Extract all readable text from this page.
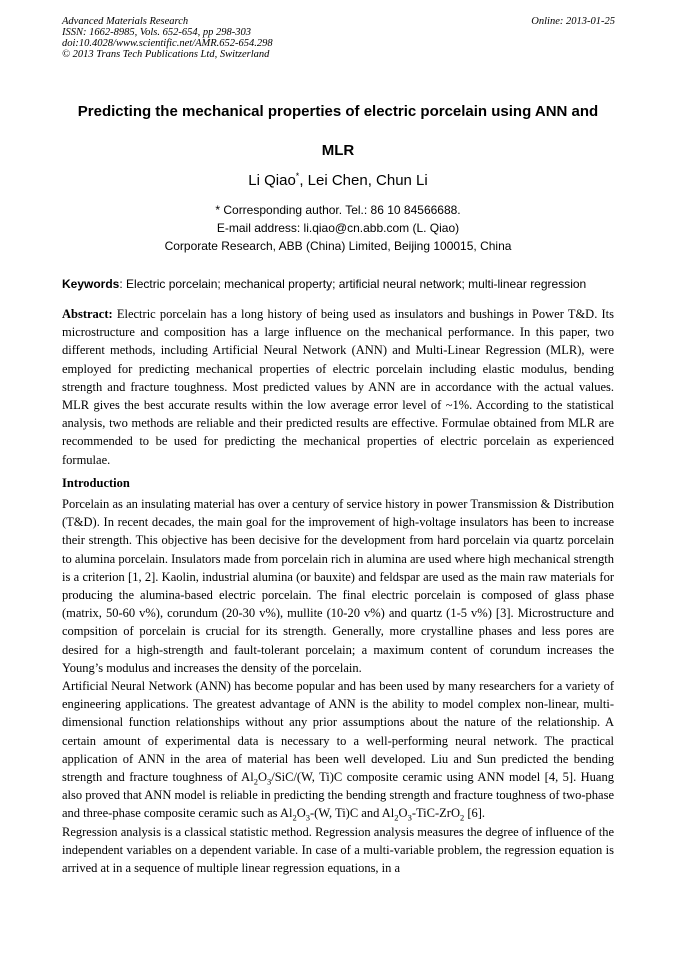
Advanced Materials Research
ISSN: 1662-8985, Vols. 652-654, pp 298-303
doi:10.4028/www.scientific.net/AMR.652-654.298
© 2013 Trans Tech Publications Ltd, Switzerland
Online: 2013-01-25
Predicting the mechanical properties of electric porcelain using ANN and MLR
Li Qiao*, Lei Chen, Chun Li
* Corresponding author. Tel.: 86 10 84566688.
E-mail address: li.qiao@cn.abb.com (L. Qiao)
Corporate Research, ABB (China) Limited, Beijing 100015, China
Keywords: Electric porcelain; mechanical property; artificial neural network; multi-linear regression
Abstract: Electric porcelain has a long history of being used as insulators and bushings in Power T&D. Its microstructure and composition has a large influence on the mechanical performance. In this paper, two different methods, including Artificial Neural Network (ANN) and Multi-Linear Regression (MLR), were employed for predicting mechanical properties of electric porcelain including elastic modulus, bending strength and fracture toughness. Most predicted values by ANN are in accordance with the actual values. MLR gives the best accurate results within the low average error level of ~1%. According to the statistical analysis, two methods are reliable and their predicted results are effective. Formulae obtained from MLR are recommended to be used for predicting the mechanical properties of electric porcelain as experienced formulae.
Introduction

Porcelain as an insulating material has over a century of service history in power Transmission & Distribution (T&D). In recent decades, the main goal for the improvement of high-voltage insulators has been to increase their strength. This objective has been decisive for the development from hard porcelain via quartz porcelain to alumina porcelain. Insulators made from porcelain rich in alumina are used where high mechanical strength is a criterion [1, 2]. Kaolin, industrial alumina (or bauxite) and feldspar are used as the main raw materials for producing the alumina-based electric porcelain. The final electric porcelain is composed of glass phase (matrix, 50-60 v%), corundum (20-30 v%), mullite (10-20 v%) and quartz (1-5 v%) [3]. Microstructure and compsition of porcelain is crucial for its strength. Generally, more crystalline phases and less pores are desired for a high-strength and fault-tolerant porcelain; a maximum content of corundum increases the Young’s modulus and increases the density of the porcelain.

Artificial Neural Network (ANN) has become popular and has been used by many researchers for a variety of engineering applications. The greatest advantage of ANN is the ability to model complex non-linear, multi-dimensional function relationships without any prior assumptions about the nature of the relationship. A certain amount of experimental data is necessary to a well-performing neural network. The practical application of ANN in the area of material has been well developed. Liu and Sun predicted the bending strength and fracture toughness of $Al_2O_3/SiC/(W$, Ti)C composite ceramic using ANN model [4, 5]. Huang also proved that ANN model is reliable in predicting the bending strength and fracture toughness of two-phase and three-phase composite ceramic such as $Al_2O_3-(W$, Ti)C and $Al_2O_3-TiC-ZrO_2$ [6].

Regression analysis is a classical statistic method. Regression analysis measures the degree of influence of the independent variables on a dependent variable. In case of a multi-variable problem, the regression equation is arrived at in a sequence of multiple linear regression equations, in a
